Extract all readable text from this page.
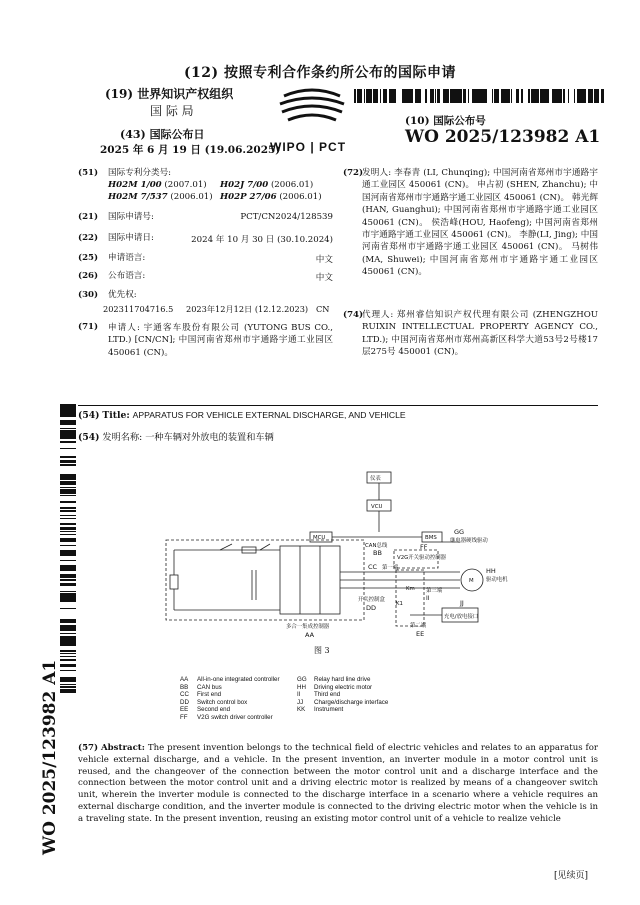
(12) 按照专利合作条约所公布的国际申请
(19) 世界知识产权组织
国 际 局
(43) 国际公布日
2025 年 6 月 19 日 (19.06.2025)
WIPO | PCT
(10) 国际公布号
WO 2025/123982 A1
(51) 国际专利分类号:
H02M 1/00 (2007.01) H02J 7/00 (2006.01)
H02M 7/537 (2006.01) H02P 27/06 (2006.01)
(21) 国际申请号:	PCT/CN2024/128539
(22) 国际申请日:	2024 年 10 月 30 日 (30.10.2024)
(25) 申请语言:	中文
(26) 公布语言:	中文
(30) 优先权:
202311704716.5 2023年12月12日 (12.12.2023) CN
(71) 申请人: 宇通客车股份有限公司 (YUTONG BUS CO., LTD.) [CN/CN]; 中国河南省郑州市宇通路宇通工业园区 450061 (CN)。
(72)
发明人: 李春青 (LI, Chunqing); 中国河南省郑州市宇通路宇通工业园区 450061 (CN)。 申占初 (SHEN, Zhanchu); 中国河南省郑州市宇通路宇通工业园区 450061 (CN)。 韩光辉(HAN, Guanghui); 中国河南省郑州市宇通路宇通工业园区 450061 (CN)。 侯浩峰(HOU, Haofeng); 中国河南省郑州市宇通路宇通工业园区 450061 (CN)。 李静(LI, Jing); 中国河南省郑州市宇通路宇通工业园区 450061 (CN)。 马树伟(MA, Shuwei); 中国河南省郑州市宇通路宇通工业园区 450061 (CN)。
(74)
代理人: 郑州睿信知识产权代理有限公司 (ZHENGZHOU RUIXIN INTELLECTUAL PROPERTY AGENCY CO., LTD.); 中国河南省郑州市郑州高新区科学大道53号2号楼17层275号 450001 (CN)。
WO 2025/123982 A1
(54) Title: APPARATUS FOR VEHICLE EXTERNAL DISCHARGE, AND VEHICLE
(54) 发明名称: 一种车辆对外放电的装置和车辆
仪表
VCU
MCU	BMS
CAN总线
BB
GG
继电器硬线驱动
FF
V2G开关驱动控制器
CC 第一端
M
HH
驱动电机
第三端
II
Km
K1
开关控制盒
DD
JJ
充电/放电接口
第二端
EE
多合一集成控制器
AA
图 3
AA All-in-one integrated controller	GG Relay hard line drive
BB CAN bus	HH Driving electric motor
CC First end	II Third end
DD Switch control box	JJ Charge/discharge interface
EE Second end	KK Instrument
FF V2G switch driver controller
(57) Abstract: The present invention belongs to the technical field of electric vehicles and relates to an apparatus for vehicle external discharge, and a vehicle. In the present invention, an inverter module in a motor control unit is reused, and the changeover of the connection between the motor control unit and a discharge interface and the connection between the motor control unit and a driving electric motor is realized by means of a changeover switch unit, wherein the inverter module is connected to the discharge interface in a scenario where a vehicle requires an external discharge condition, and the inverter module is connected to the driving electric motor when the vehicle is in a traveling state. In the present invention, reusing an existing motor control unit of a vehicle to realize vehicle
[见续页]
